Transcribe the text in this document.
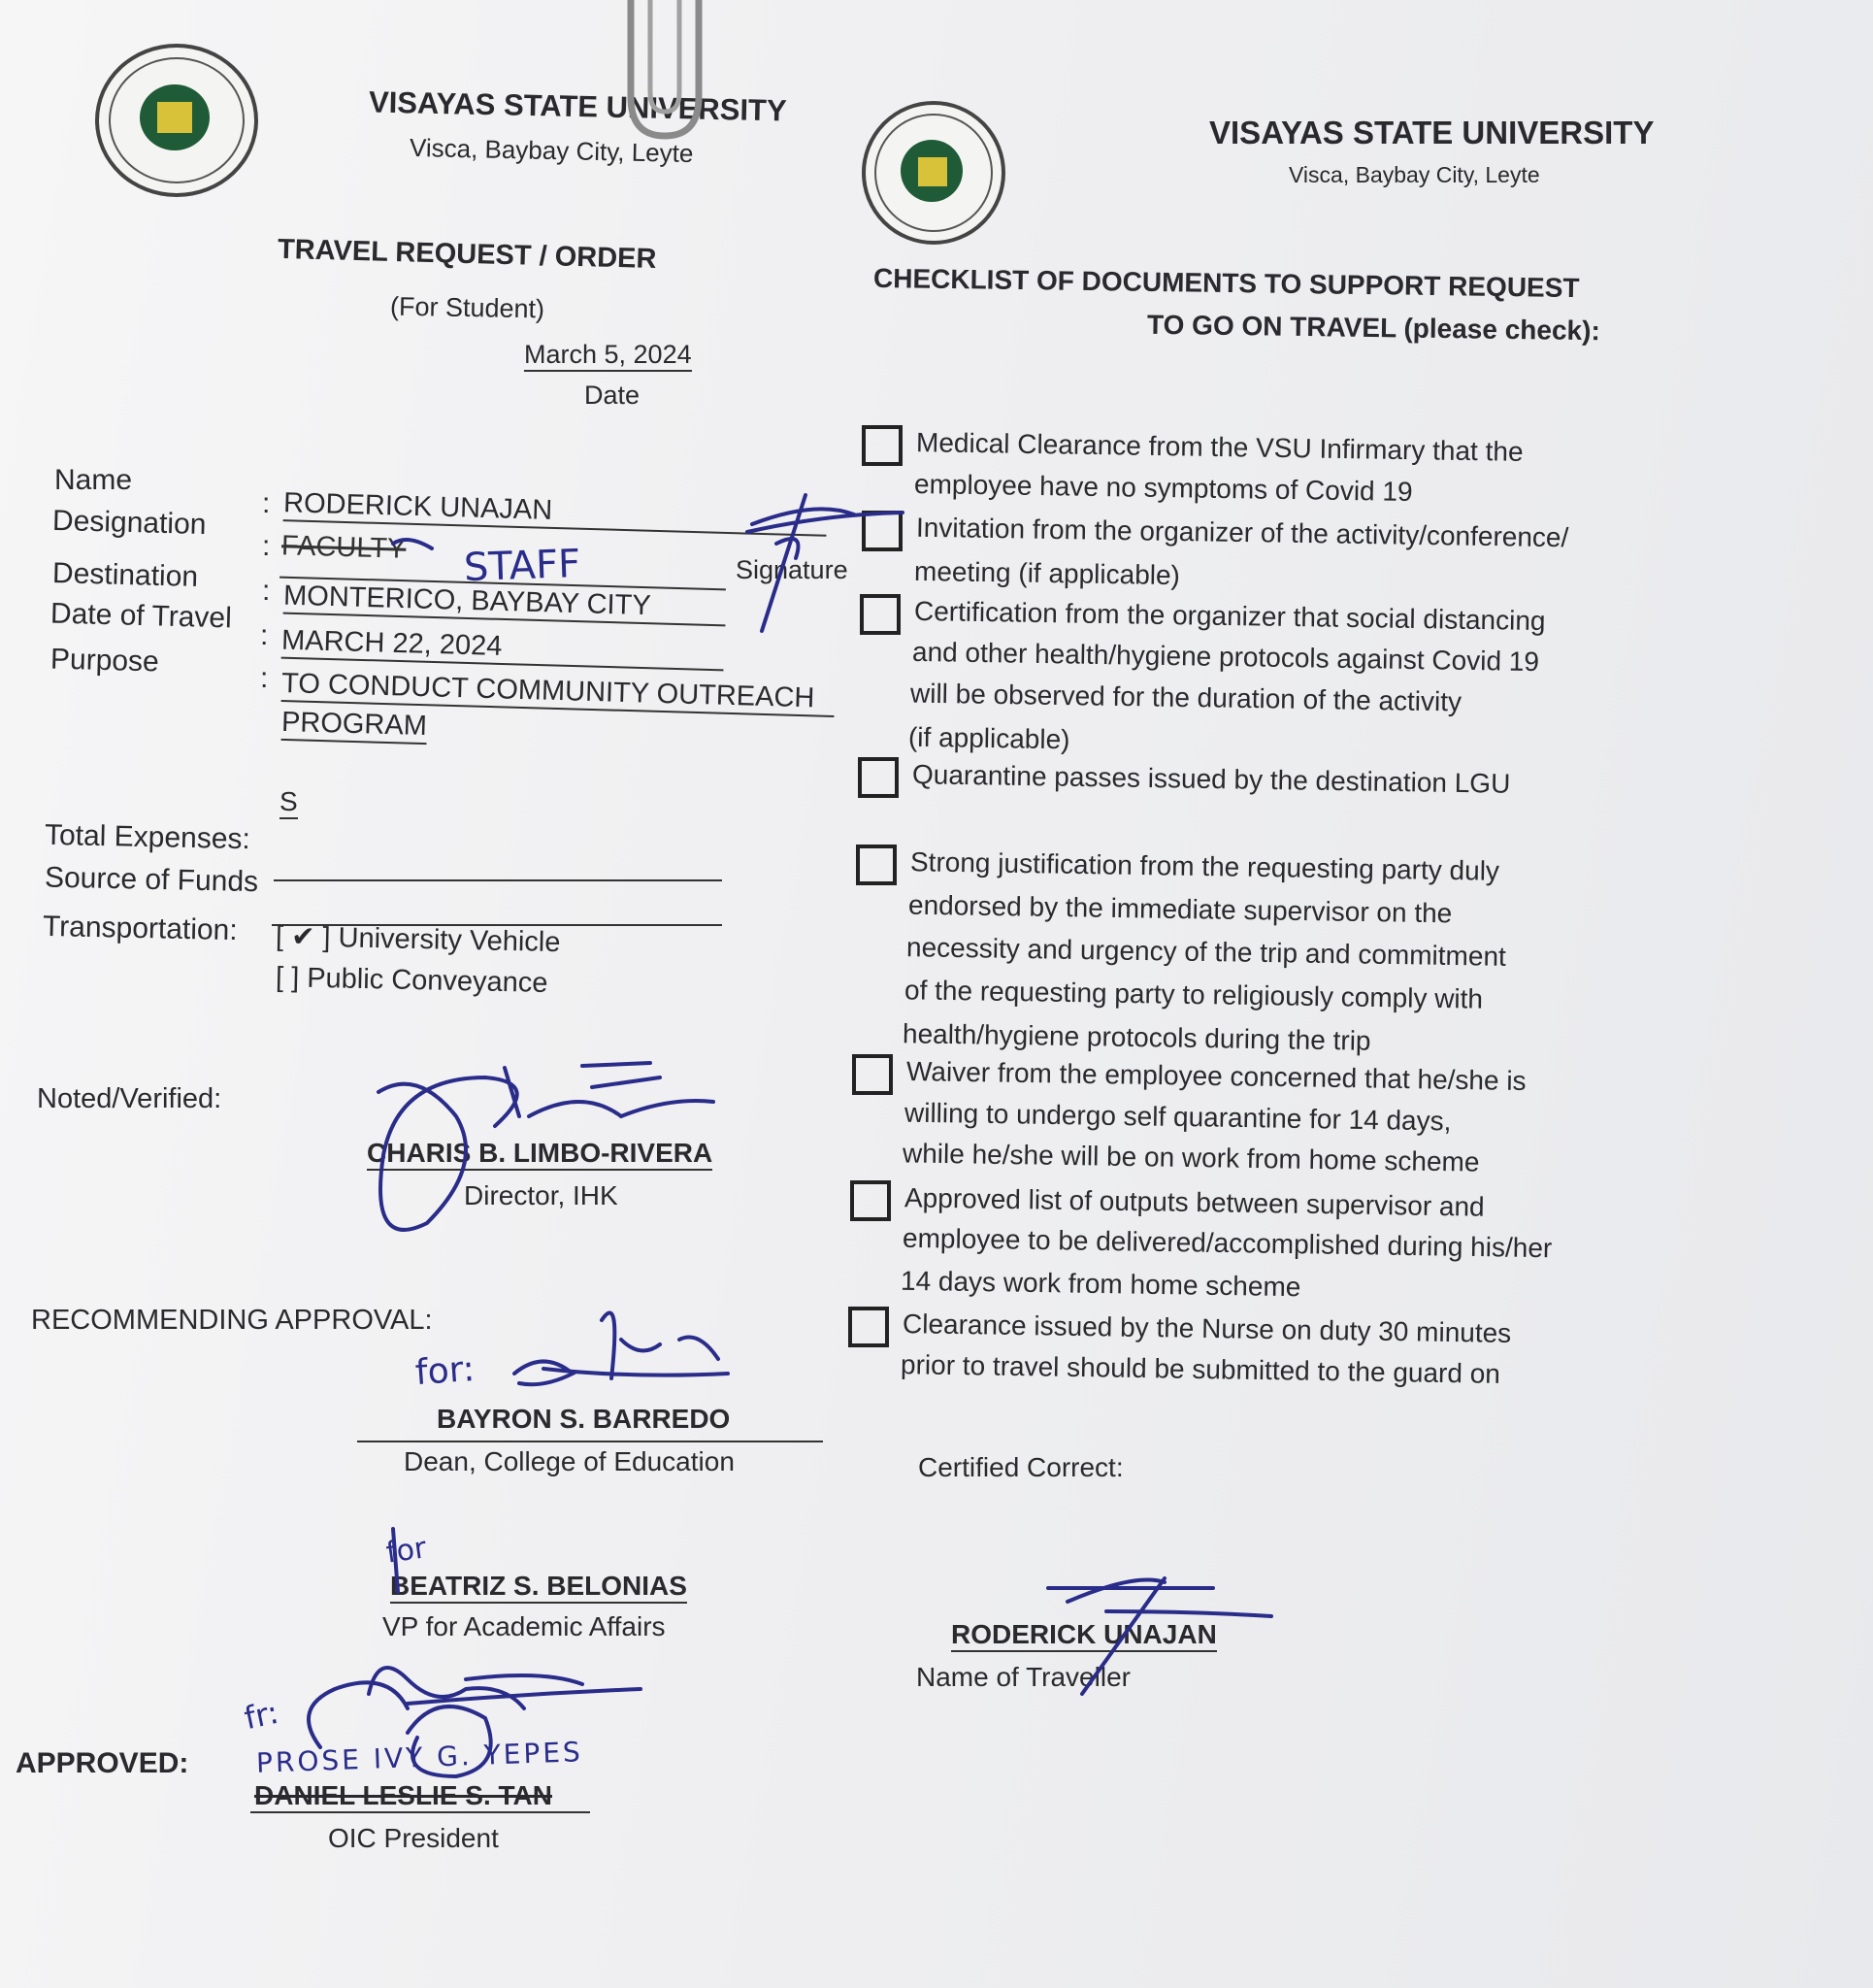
VISAYAS STATE UNIVERSITY
Visca, Baybay City, Leyte
VISAYAS STATE UNIVERSITY
Visca, Baybay City, Leyte
TRAVEL REQUEST / ORDER
(For Student)
March 5, 2024
Date
Name
Designation
Destination
Date of Travel
Purpose
:
:
:
:
:
RODERICK UNAJAN
FACULTY STAFF	Signature
MONTERICO, BAYBAY CITY
MARCH 22, 2024
TO CONDUCT COMMUNITY OUTREACH
PROGRAM
S
Total Expenses:
Source of Funds
Transportation: [ ✔ ] University Vehicle
[ ] Public Conveyance
Noted/Verified:
CHARIS B. LIMBO-RIVERA
Director, IHK
RECOMMENDING APPROVAL:
for:
BAYRON S. BARREDO
Dean, College of Education
for
BEATRIZ S. BELONIAS
VP for Academic Affairs
APPROVED:
fr:
PROSE IVY G. YEPES
DANIEL LESLIE S. TAN
OIC President
CHECKLIST OF DOCUMENTS TO SUPPORT REQUEST
TO GO ON TRAVEL (please check):
Medical Clearance from the VSU Infirmary that the
employee have no symptoms of Covid 19
Invitation from the organizer of the activity/conference/
meeting (if applicable)
Certification from the organizer that social distancing
and other health/hygiene protocols against Covid 19
will be observed for the duration of the activity
(if applicable)
Quarantine passes issued by the destination LGU
Strong justification from the requesting party duly
endorsed by the immediate supervisor on the
necessity and urgency of the trip and commitment
of the requesting party to religiously comply with
health/hygiene protocols during the trip
Waiver from the employee concerned that he/she is
willing to undergo self quarantine for 14 days,
while he/she will be on work from home scheme
Approved list of outputs between supervisor and
employee to be delivered/accomplished during his/her
14 days work from home scheme
Clearance issued by the Nurse on duty 30 minutes
prior to travel should be submitted to the guard on
Certified Correct:
RODERICK UNAJAN
Name of Traveller
